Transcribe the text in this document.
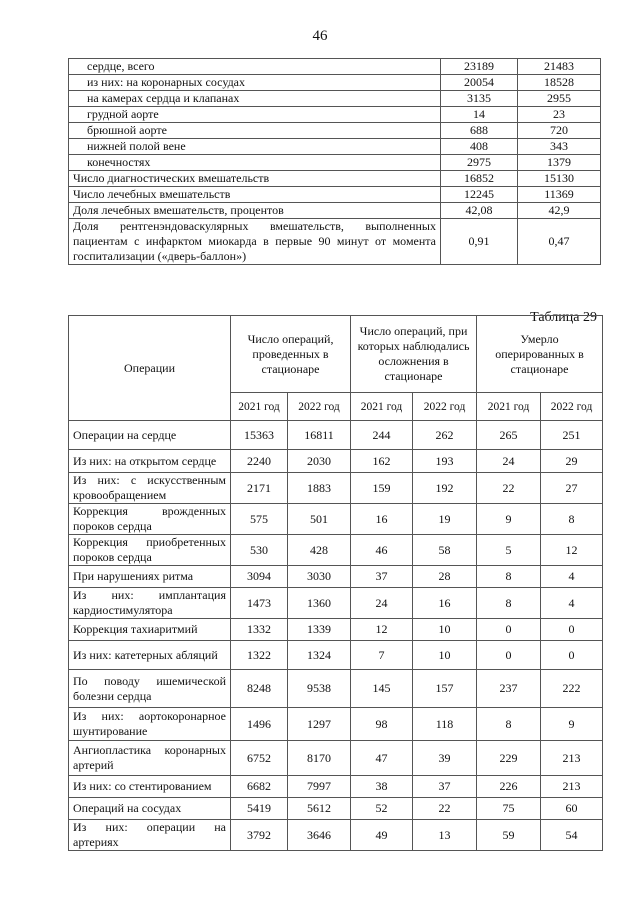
46
сердце, всего	23189	21483
из них: на коронарных сосудах	20054	18528
на камерах сердца и клапанах	3135	2955
грудной аорте	14	23
брюшной аорте	688	720
нижней полой вене	408	343
конечностях	2975	1379
Число диагностических вмешательств	16852	15130
Число лечебных вмешательств	12245	11369
Доля лечебных вмешательств, процентов	42,08	42,9
Доля рентгенэндоваскулярных вмешательств, выполненных пациентам с инфарктом миокарда в первые 90 минут от момента госпитализации («дверь-баллон»)	0,91	0,47
Таблица 29
Операции	Число операций, проведенных в стационаре		Число операций, при которых наблюдались осложнения в стационаре		Умерло оперированных в стационаре	
	2021 год	2022 год	2021 год	2022 год	2021 год	2022 год
Операции на сердце	15363	16811	244	262	265	251
Из них: на открытом сердце	2240	2030	162	193	24	29
Из них: с искусственным кровообращением	2171	1883	159	192	22	27
Коррекция врожденных пороков сердца	575	501	16	19	9	8
Коррекция приобретенных пороков сердца	530	428	46	58	5	12
При нарушениях ритма	3094	3030	37	28	8	4
Из них: имплантация кардиостимулятора	1473	1360	24	16	8	4
Коррекция тахиаритмий	1332	1339	12	10	0	0
Из них: катетерных абляций	1322	1324	7	10	0	0
По поводу ишемической болезни сердца	8248	9538	145	157	237	222
Из них: аортокоронарное шунтирование	1496	1297	98	118	8	9
Ангиопластика коронарных артерий	6752	8170	47	39	229	213
Из них: со стентированием	6682	7997	38	37	226	213
Операций на сосудах	5419	5612	52	22	75	60
Из них: операции на артериях	3792	3646	49	13	59	54
